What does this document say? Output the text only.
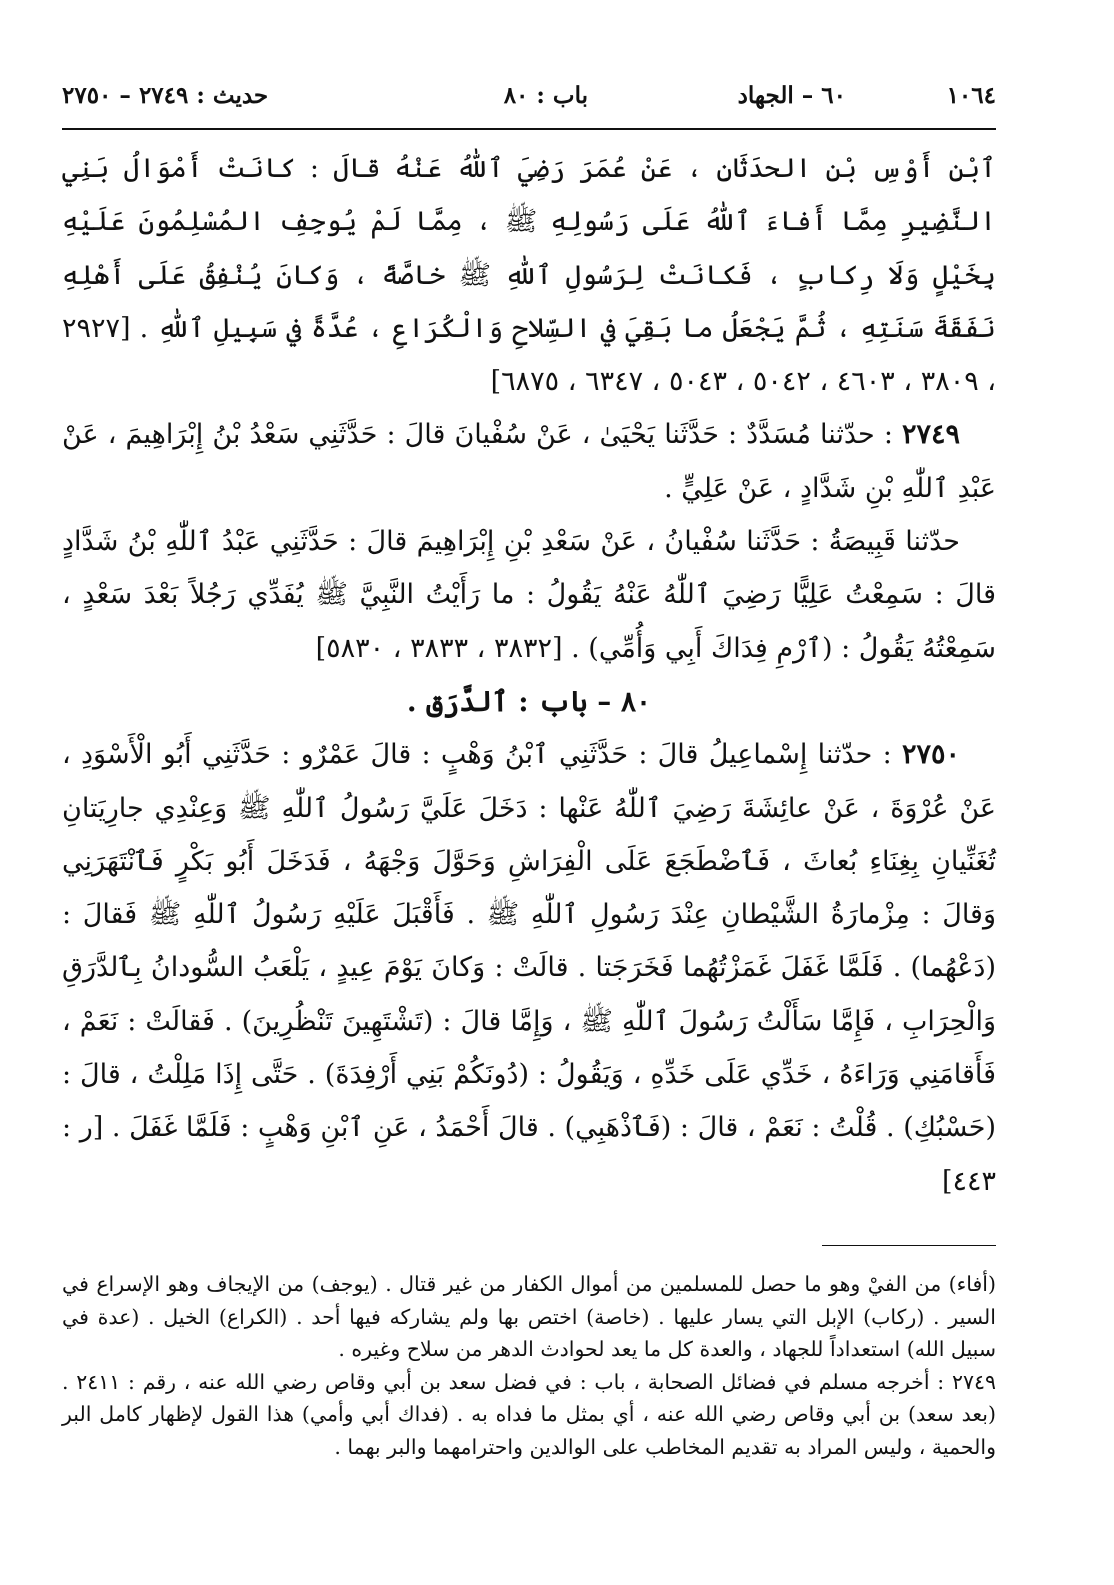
١٠٦٤
٦٠ – الجهاد
باب : ٨٠
حديث : ٢٧٤٩ – ٢٧٥٠

ٱبْنِ أَوْسِ بْنِ الحدَثَانِ ، عَنْ عُمَرَ رَضِيَ ٱللّٰهُ عَنْهُ قالَ : كانَتْ أَمْوَالُ بَنِي النَّضِيرِ مِمَّا أَفاءَ ٱللّٰهُ عَلَى رَسُولِهِ ﷺ ، مِمَّا لَمْ يُوجِفِ المُسْلِمُونَ عَلَيْهِ بِخَيْلٍ وَلَا رِكابٍ ، فَكانَتْ لِرَسُولِ ٱللّٰهِ ﷺ خاصَّةً ، وَكانَ يُنْفِقُ عَلَى أَهْلِهِ نَفَقَةَ سَنَتِهِ ، ثُمَّ يَجْعَلُ ما بَقِيَ في السِّلاحِ وَالْكُرَاعِ ، عُدَّةً في سَبِيلِ ٱللّٰهِ . [٢٩٢٧ ، ٣٨٠٩ ، ٤٦٠٣ ، ٥٠٤٢ ، ٥٠٤٣ ، ٦٣٤٧ ، ٦٨٧٥]

٢٧٤٩ : حدّثنا مُسَدَّدٌ : حَدَّثَنا يَحْيَىٰ ، عَنْ سُفْيانَ قالَ : حَدَّثَنِي سَعْدُ بْنُ إِبْرَاهِيمَ ، عَنْ عَبْدِ ٱللّٰهِ بْنِ شَدَّادٍ ، عَنْ عَلِيٍّ .

حدّثنا قَبِيصَةُ : حَدَّثَنا سُفْيانُ ، عَنْ سَعْدِ بْنِ إِبْرَاهِيمَ قالَ : حَدَّثَنِي عَبْدُ ٱللّٰهِ بْنُ شَدَّادٍ قالَ : سَمِعْتُ عَلِيًّا رَضِيَ ٱللّٰهُ عَنْهُ يَقُولُ : ما رَأَيْتُ النَّبِيَّ ﷺ يُفَدِّي رَجُلاً بَعْدَ سَعْدٍ ، سَمِعْتُهُ يَقُولُ : (ٱرْمِ فِدَاكَ أَبِي وَأُمِّي) . [٣٨٣٢ ، ٣٨٣٣ ، ٥٨٣٠]

٨٠ – باب : ٱلدَّرَق .

٢٧٥٠ : حدّثنا إِسْماعِيلُ قالَ : حَدَّثَنِي ٱبْنُ وَهْبٍ : قالَ عَمْرٌو : حَدَّثَنِي أَبُو الْأَسْوَدِ ، عَنْ عُرْوَةَ ، عَنْ عائِشَةَ رَضِيَ ٱللّٰهُ عَنْها : دَخَلَ عَلَيَّ رَسُولُ ٱللّٰهِ ﷺ وَعِنْدِي جارِيَتانِ تُغَنِّيانِ بِغِنَاءِ بُعاثَ ، فَٱضْطَجَعَ عَلَى الْفِرَاشِ وَحَوَّلَ وَجْهَهُ ، فَدَخَلَ أَبُو بَكْرٍ فَٱنْتَهَرَنِي وَقالَ : مِزْمارَةُ الشَّيْطانِ عِنْدَ رَسُولِ ٱللّٰهِ ﷺ . فَأَقْبَلَ عَلَيْهِ رَسُولُ ٱللّٰهِ ﷺ فَقالَ : (دَعْهُما) . فَلَمَّا غَفَلَ غَمَزْتُهُما فَخَرَجَتا . قالَتْ : وَكانَ يَوْمَ عِيدٍ ، يَلْعَبُ السُّودانُ بِٱلدَّرَقِ وَالْحِرَابِ ، فَإِمَّا سَأَلْتُ رَسُولَ ٱللّٰهِ ﷺ ، وَإِمَّا قالَ : (تَشْتَهِينَ تَنْظُرِينَ) . فَقالَتْ : نَعَمْ ، فَأَقامَنِي وَرَاءَهُ ، خَدِّي عَلَى خَدِّهِ ، وَيَقُولُ : (دُونَكُمْ بَنِي أَرْفِدَةَ) . حَتَّى إِذَا مَلِلْتُ ، قالَ : (حَسْبُكِ) . قُلْتُ : نَعَمْ ، قالَ : (فَٱذْهَبِي) . قالَ أَحْمَدُ ، عَنِ ٱبْنِ وَهْبٍ : فَلَمَّا غَفَلَ . [ر : ٤٤٣]

(أفاء) من الفيْ وهو ما حصل للمسلمين من أموال الكفار من غير قتال . (يوجف) من الإيجاف وهو الإسراع في السير . (ركاب) الإبل التي يسار عليها . (خاصة) اختص بها ولم يشاركه فيها أحد . (الكراع) الخيل . (عدة في سبيل الله) استعداداً للجهاد ، والعدة كل ما يعد لحوادث الدهر من سلاح وغيره .

٢٧٤٩ : أخرجه مسلم في فضائل الصحابة ، باب : في فضل سعد بن أبي وقاص رضي الله عنه ، رقم : ٢٤١١ . (بعد سعد) بن أبي وقاص رضي الله عنه ، أي بمثل ما فداه به . (فداك أبي وأمي) هذا القول لإظهار كامل البر والحمية ، وليس المراد به تقديم المخاطب على الوالدين واحترامهما والبر بهما .
